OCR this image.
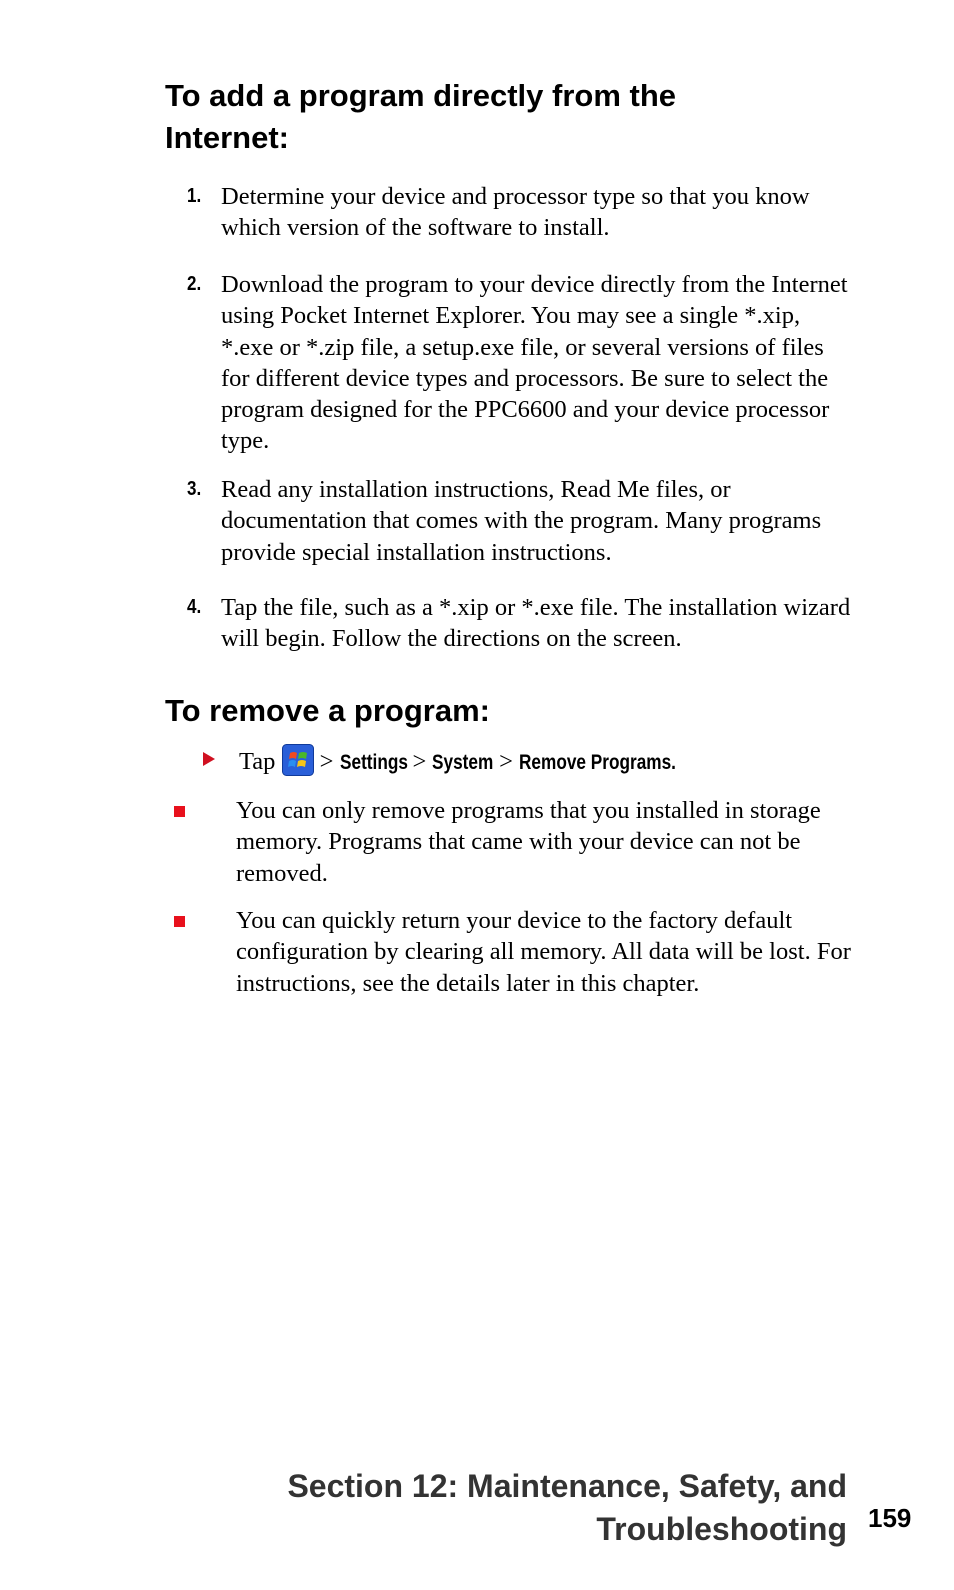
To add a program directly from the Internet:
1. Determine your device and processor type so that you know which version of the software to install.
2. Download the program to your device directly from the Internet using Pocket Internet Explorer. You may see a single *.xip, *.exe or *.zip file, a setup.exe file, or several versions of files for different device types and processors. Be sure to select the program designed for the PPC6600 and your device processor type.
3. Read any installation instructions, Read Me files, or documentation that comes with the program. Many programs provide special installation instructions.
4. Tap the file, such as a *.xip or *.exe file. The installation wizard will begin. Follow the directions on the screen.
To remove a program:
Tap > Settings > System > Remove Programs.
You can only remove programs that you installed in storage memory. Programs that came with your device can not be removed.
You can quickly return your device to the factory default configuration by clearing all memory. All data will be lost. For instructions, see the details later in this chapter.
Section 12: Maintenance, Safety, and
Troubleshooting 159
